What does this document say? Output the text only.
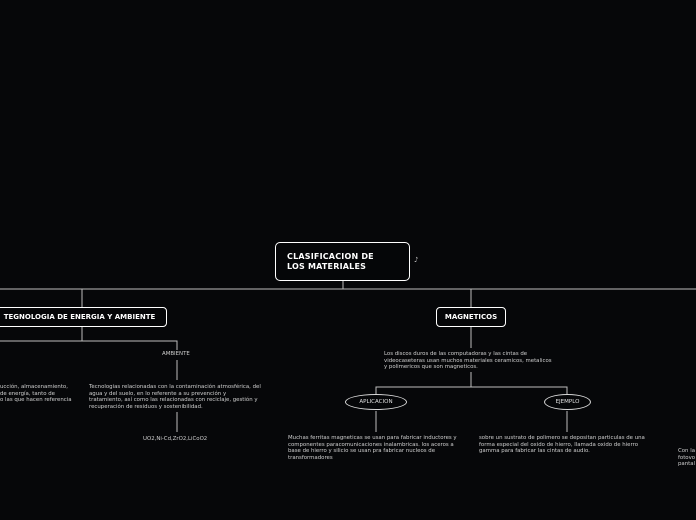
CLASIFICACION DE
LOS MATERIALES
♪
TEGNOLOGIA DE ENERGIA Y AMBIENTE
ucción, almacenamiento,
de energía, tanto de
o las que hacen referencia
AMBIENTE
Tecnologias relacionadas con la contaminación atmosférica, del
agua y del suelo, en lo referente a su prevención y
tratamiento, así como las relacionadas con reciclaje, gestión y
recuperación de residuos y sostenibilidad.
UO2,Ni-Cd,ZrO2,LiCoO2
MAGNETICOS
Los discos duros de las computadoras y las cintas de
videocaseteras usan muchos materiales ceramicos, metalicos
y polimericos que son magneticos.
APLICACION	EJEMPLO
Muchas ferritas magneticas se usan para fabricar inductores y
componentes paracomunicaciones inalambricas. los aceros a
base de hierro y silicio se usan pra fabricar nucleos de
transformadores
sobre un sustrato de polimero se depositan particulas de una
forma especial del oxido de hierro, llamada oxido de hierro
gamma para fabricar las cintas de audio.	Con la
fotovo
pantal
